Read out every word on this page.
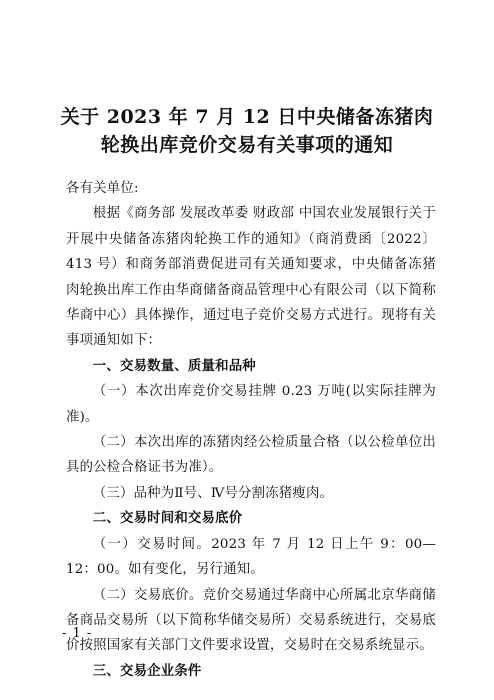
关于 2023 年 7 月 12 日中央储备冻猪肉
轮换出库竞价交易有关事项的通知

各有关单位:

根据《商务部 发展改革委 财政部 中国农业发展银行关于开展中央储备冻猪肉轮换工作的通知》（商消费函〔2022〕413 号）和商务部消费促进司有关通知要求，中央储备冻猪肉轮换出库工作由华商储备商品管理中心有限公司（以下简称华商中心）具体操作，通过电子竞价交易方式进行。现将有关事项通知如下：

一、交易数量、质量和品种

（一）本次出库竞价交易挂牌 0.23 万吨(以实际挂牌为准)。

（二）本次出库的冻猪肉经公检质量合格（以公检单位出具的公检合格证书为准）。

（三）品种为Ⅱ号、Ⅳ号分割冻猪瘦肉。

二、交易时间和交易底价

（一）交易时间。2023 年 7 月 12 日上午 9：00—12：00。如有变化，另行通知。

（二）交易底价。竞价交易通过华商中心所属北京华商储备商品交易所（以下简称华储交易所）交易系统进行，交易底价按照国家有关部门文件要求设置，交易时在交易系统显示。

三、交易企业条件

- 1 -
